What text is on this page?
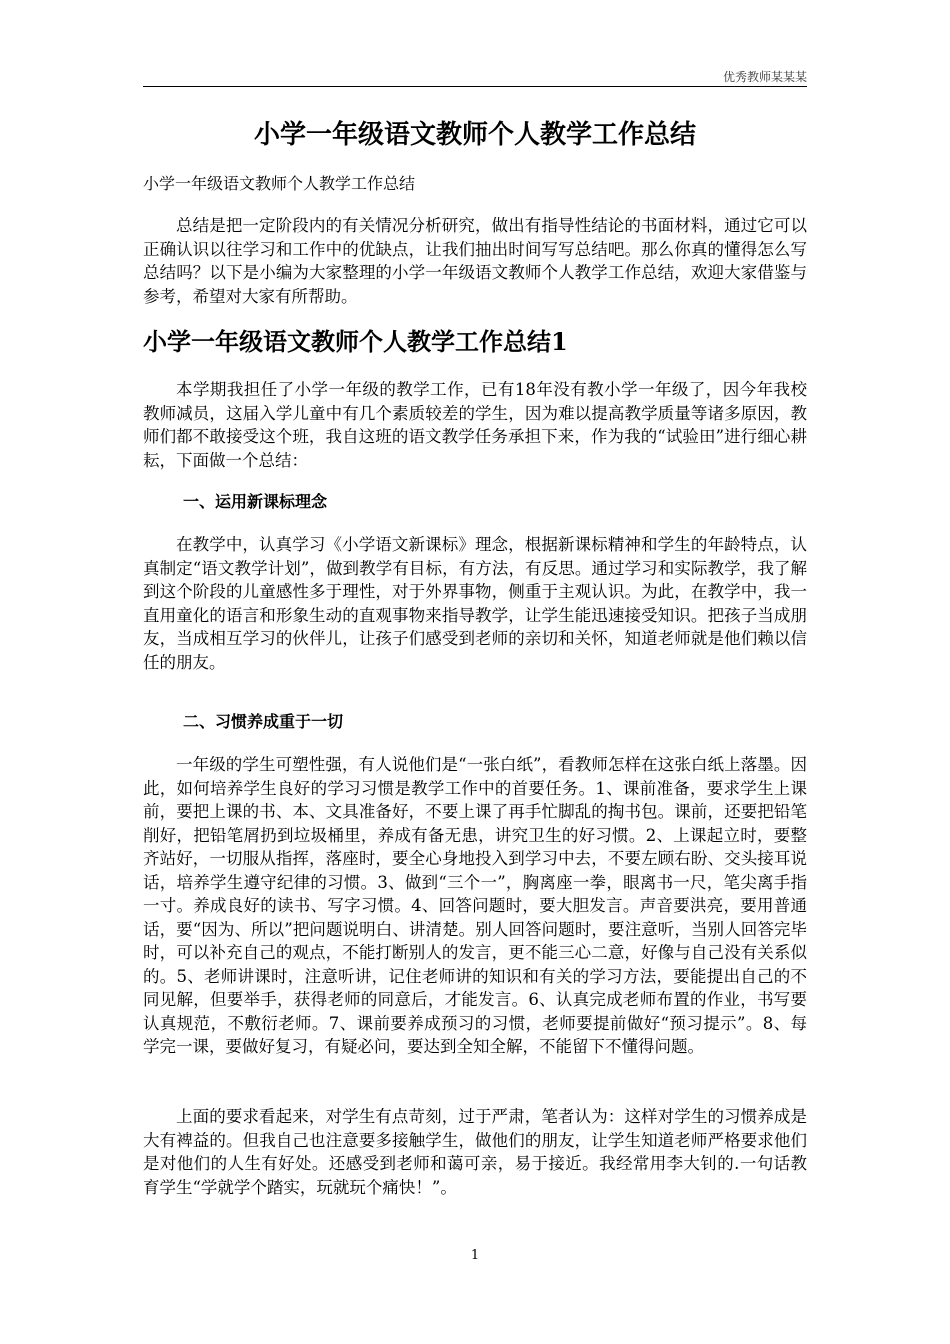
优秀教师某某某
小学一年级语文教师个人教学工作总结
小学一年级语文教师个人教学工作总结
总结是把一定阶段内的有关情况分析研究，做出有指导性结论的书面材料，通过它可以正确认识以往学习和工作中的优缺点，让我们抽出时间写写总结吧。那么你真的懂得怎么写总结吗？以下是小编为大家整理的小学一年级语文教师个人教学工作总结，欢迎大家借鉴与参考，希望对大家有所帮助。
小学一年级语文教师个人教学工作总结1
本学期我担任了小学一年级的教学工作，已有18年没有教小学一年级了，因今年我校教师减员，这届入学儿童中有几个素质较差的学生，因为难以提高教学质量等诸多原因，教师们都不敢接受这个班，我自这班的语文教学任务承担下来，作为我的“试验田”进行细心耕耘，下面做一个总结：
一、运用新课标理念
在教学中，认真学习《小学语文新课标》理念，根据新课标精神和学生的年龄特点，认真制定“语文教学计划”，做到教学有目标，有方法，有反思。通过学习和实际教学，我了解到这个阶段的儿童感性多于理性，对于外界事物，侧重于主观认识。为此，在教学中，我一直用童化的语言和形象生动的直观事物来指导教学，让学生能迅速接受知识。把孩子当成朋友，当成相互学习的伙伴儿，让孩子们感受到老师的亲切和关怀，知道老师就是他们赖以信任的朋友。
二、习惯养成重于一切
一年级的学生可塑性强，有人说他们是“一张白纸”，看教师怎样在这张白纸上落墨。因此，如何培养学生良好的学习习惯是教学工作中的首要任务。1、课前准备，要求学生上课前，要把上课的书、本、文具准备好，不要上课了再手忙脚乱的掏书包。课前，还要把铅笔削好，把铅笔屑扔到垃圾桶里，养成有备无患，讲究卫生的好习惯。2、上课起立时，要整齐站好，一切服从指挥，落座时，要全心身地投入到学习中去，不要左顾右盼、交头接耳说话，培养学生遵守纪律的习惯。3、做到“三个一”，胸离座一拳，眼离书一尺，笔尖离手指一寸。养成良好的读书、写字习惯。4、回答问题时，要大胆发言。声音要洪亮，要用普通话，要“因为、所以”把问题说明白、讲清楚。别人回答问题时，要注意听，当别人回答完毕时，可以补充自己的观点，不能打断别人的发言，更不能三心二意，好像与自己没有关系似的。5、老师讲课时，注意听讲，记住老师讲的知识和有关的学习方法，要能提出自己的不同见解，但要举手，获得老师的同意后，才能发言。6、认真完成老师布置的作业，书写要认真规范，不敷衍老师。7、课前要养成预习的习惯，老师要提前做好“预习提示”。8、每学完一课，要做好复习，有疑必问，要达到全知全解，不能留下不懂得问题。
上面的要求看起来，对学生有点苛刻，过于严肃，笔者认为：这样对学生的习惯养成是大有裨益的。但我自己也注意要多接触学生，做他们的朋友，让学生知道老师严格要求他们是对他们的人生有好处。还感受到老师和蔼可亲，易于接近。我经常用李大钊的.一句话教育学生“学就学个踏实，玩就玩个痛快！”。
1
